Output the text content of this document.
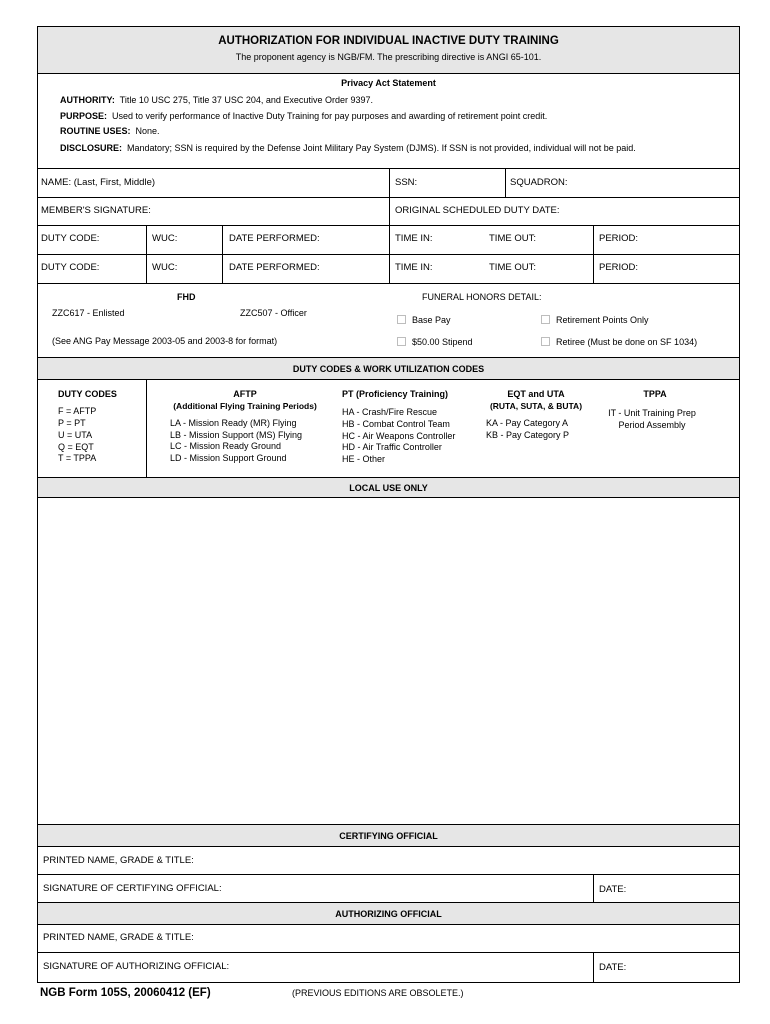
AUTHORIZATION FOR INDIVIDUAL INACTIVE DUTY TRAINING
The proponent agency is NGB/FM. The prescribing directive is ANGI 65-101.
Privacy Act Statement
AUTHORITY: Title 10 USC 275, Title 37 USC 204, and Executive Order 9397.
PURPOSE: Used to verify performance of Inactive Duty Training for pay purposes and awarding of retirement point credit.
ROUTINE USES: None.
DISCLOSURE: Mandatory; SSN is required by the Defense Joint Military Pay System (DJMS). If SSN is not provided, individual will not be paid.
NAME: (Last, First, Middle)	SSN:	SQUADRON:
MEMBER'S SIGNATURE:	ORIGINAL SCHEDULED DUTY DATE:
DUTY CODE:	WUC:	DATE PERFORMED:	TIME IN:	TIME OUT:	PERIOD:
DUTY CODE:	WUC:	DATE PERFORMED:	TIME IN:	TIME OUT:	PERIOD:
FHD
ZZC617 - Enlisted	ZZC507 - Officer
(See ANG Pay Message 2003-05 and 2003-8 for format)
FUNERAL HONORS DETAIL:
Base Pay	Retirement Points Only
$50.00 Stipend	Retiree (Must be done on SF 1034)
DUTY CODES & WORK UTILIZATION CODES
DUTY CODES
F = AFTP
P = PT
U = UTA
Q = EQT
T = TPPA
AFTP
(Additional Flying Training Periods)
LA - Mission Ready (MR) Flying
LB - Mission Support (MS) Flying
LC - Mission Ready Ground
LD - Mission Support Ground
PT (Proficiency Training)
HA - Crash/Fire Rescue
HB - Combat Control Team
HC - Air Weapons Controller
HD - Air Traffic Controller
HE - Other
EQT and UTA
(RUTA, SUTA, & BUTA)
KA - Pay Category A
KB - Pay Category P
TPPA
IT - Unit Training Prep
Period Assembly
LOCAL USE ONLY
CERTIFYING OFFICIAL
PRINTED NAME, GRADE & TITLE:
SIGNATURE OF CERTIFYING OFFICIAL:	DATE:
AUTHORIZING OFFICIAL
PRINTED NAME, GRADE & TITLE:
SIGNATURE OF AUTHORIZING OFFICIAL:	DATE:
NGB Form 105S, 20060412 (EF)	(PREVIOUS EDITIONS ARE OBSOLETE.)
